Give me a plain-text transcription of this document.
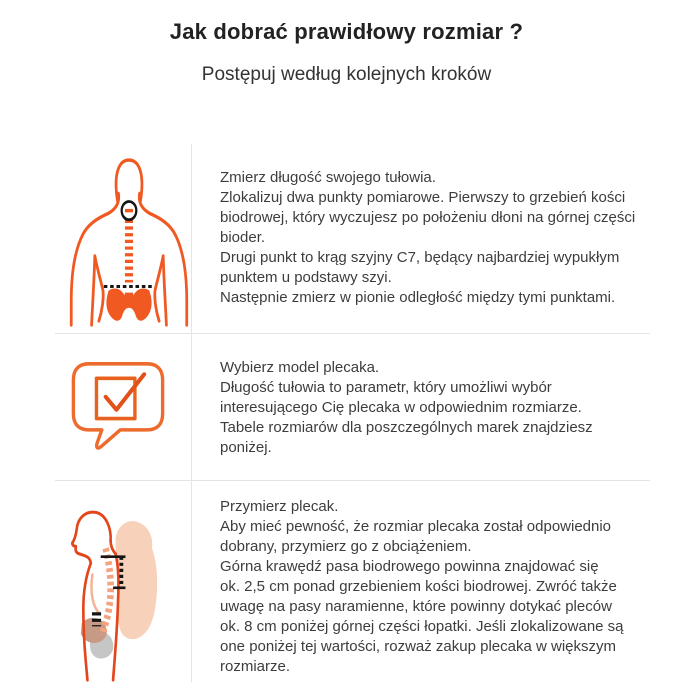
Jak dobrać prawidłowy rozmiar ?
Postępuj według kolejnych kroków
Zmierz długość swojego tułowia.
Zlokalizuj dwa punkty pomiarowe. Pierwszy to grzebień kości
biodrowej, który wyczujesz po położeniu dłoni na górnej części
bioder.
Drugi punkt to krąg szyjny C7, będący najbardziej wypukłym
punktem u podstawy szyi.
Następnie zmierz w pionie odległość między tymi punktami.
Wybierz model plecaka.
Długość tułowia to parametr, który umożliwi wybór
interesującego Cię plecaka w odpowiednim rozmiarze.
Tabele rozmiarów dla poszczególnych marek znajdziesz
poniżej.
Przymierz plecak.
Aby mieć pewność, że rozmiar plecaka został odpowiednio
dobrany, przymierz go z obciążeniem.
Górna krawędź pasa biodrowego powinna znajdować się
ok. 2,5 cm ponad grzebieniem kości biodrowej. Zwróć także
uwagę na pasy naramienne, które powinny dotykać pleców
ok. 8 cm poniżej górnej części łopatki. Jeśli zlokalizowane są
one poniżej tej wartości, rozważ zakup plecaka w większym
rozmiarze.
